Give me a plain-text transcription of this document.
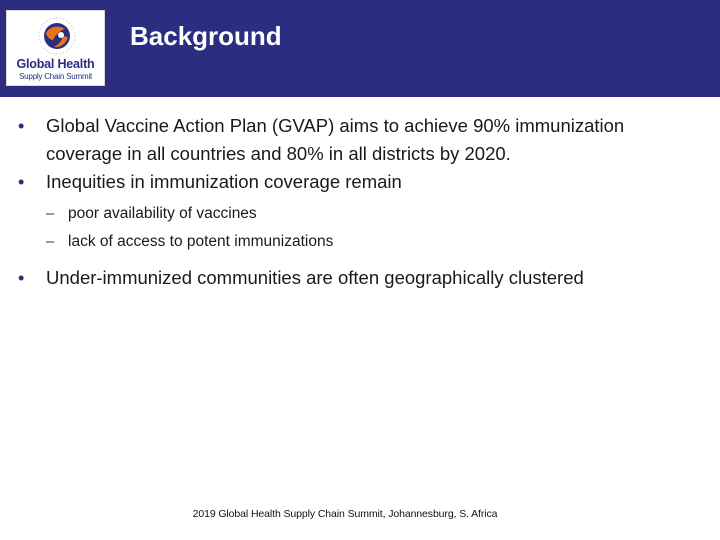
Global Health
Supply Chain Summit
Background
•	Global Vaccine Action Plan (GVAP) aims to achieve 90% immunization coverage in all countries and 80% in all districts by 2020.
•	Inequities in immunization coverage remain
– poor availability of vaccines
– lack of access to potent immunizations
•	Under-immunized communities are often geographically clustered
2019 Global Health Supply Chain Summit, Johannesburg, S. Africa
